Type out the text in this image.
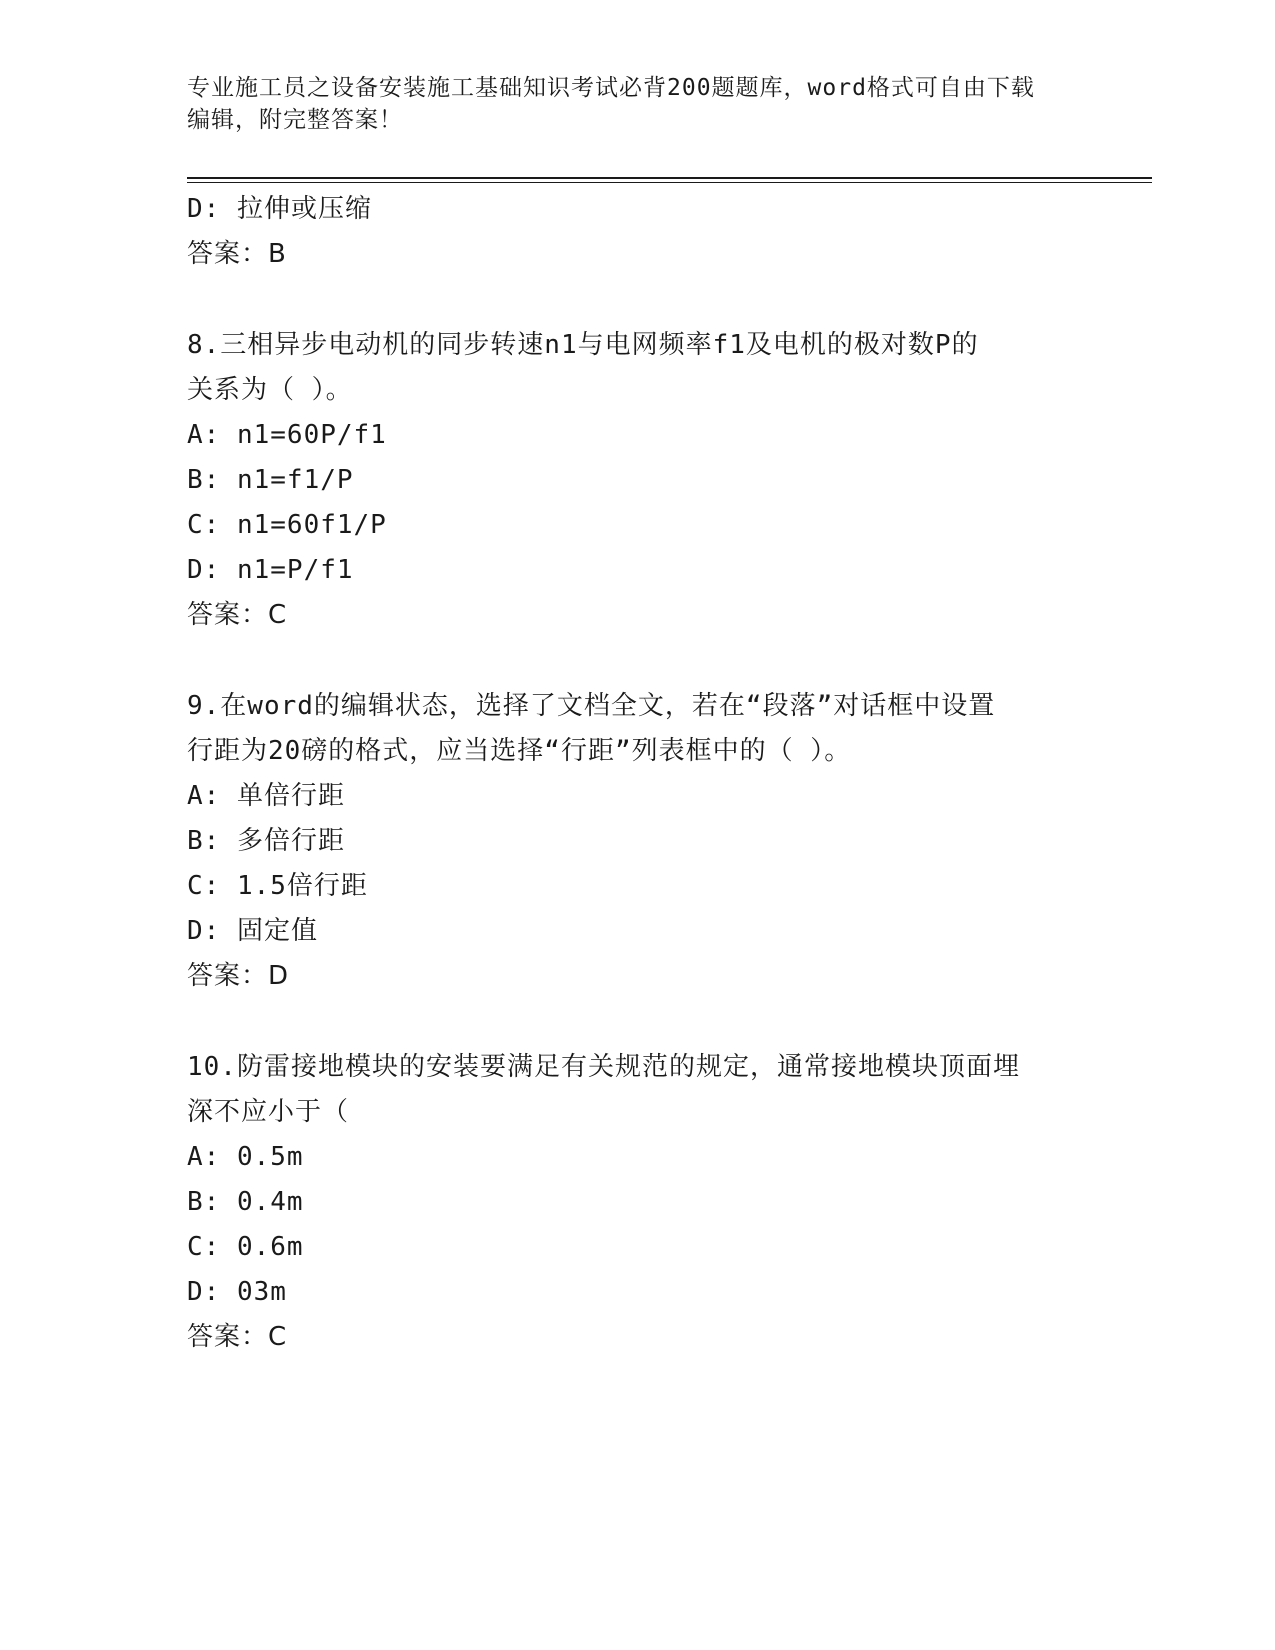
专业施工员之设备安装施工基础知识考试必背200题题库，word格式可自由下载
编辑，附完整答案！
D: 拉伸或压缩
答案：B
8.三相异步电动机的同步转速n1与电网频率f1及电机的极对数P的
关系为（ ）。
A: n1=60P/f1
B: n1=f1/P
C: n1=60f1/P
D: n1=P/f1
答案：C
9.在word的编辑状态，选择了文档全文，若在“段落”对话框中设置
行距为20磅的格式，应当选择“行距”列表框中的（ ）。
A: 单倍行距
B: 多倍行距
C: 1.5倍行距
D: 固定值
答案：D
10.防雷接地模块的安装要满足有关规范的规定，通常接地模块顶面埋
深不应小于（
A: 0.5m
B: 0.4m
C: 0.6m
D: 03m
答案：C
